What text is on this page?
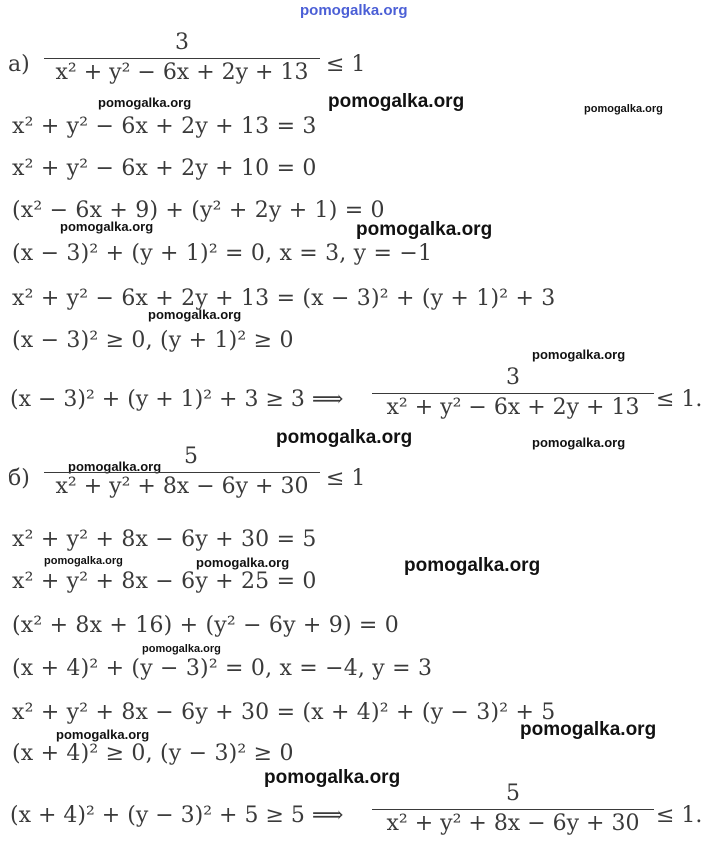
pomogalka.org
pomogalka.org	pomogalka.org	pomogalka.org
pomogalka.org	pomogalka.org
pomogalka.org
pomogalka.org
pomogalka.org	pomogalka.org
pomogalka.org
pomogalka.org	pomogalka.org	pomogalka.org
pomogalka.org
pomogalka.org	pomogalka.org
pomogalka.org
а)
3
x² + y² − 6x + 2y + 13 ≤ 1
x² + y² − 6x + 2y + 13 = 3
x² + y² − 6x + 2y + 10 = 0
(x² − 6x + 9) + (y² + 2y + 1) = 0
(x − 3)² + (y + 1)² = 0, x = 3, y = −1
x² + y² − 6x + 2y + 13 = (x − 3)² + (y + 1)² + 3
(x − 3)² ≥ 0, (y + 1)² ≥ 0
(x − 3)² + (y + 1)² + 3 ≥ 3 ⟹
3
x² + y² − 6x + 2y + 13 ≤ 1.
б)
5
x² + y² + 8x − 6y + 30 ≤ 1
x² + y² + 8x − 6y + 30 = 5
x² + y² + 8x − 6y + 25 = 0
(x² + 8x + 16) + (y² − 6y + 9) = 0
(x + 4)² + (y − 3)² = 0, x = −4, y = 3
x² + y² + 8x − 6y + 30 = (x + 4)² + (y − 3)² + 5
(x + 4)² ≥ 0, (y − 3)² ≥ 0
(x + 4)² + (y − 3)² + 5 ≥ 5 ⟹
5
x² + y² + 8x − 6y + 30 ≤ 1.
